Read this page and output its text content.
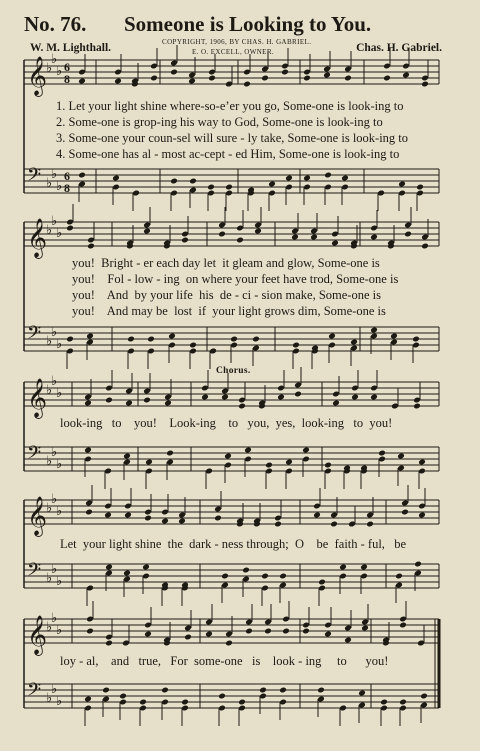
No. 76. Someone is Looking to You.
W. M. Lighthall.	COPYRIGHT, 1906, BY CHAS. H. GABRIEL.
E. O. EXCELL, OWNER.	Chas. H. Gabriel.
𝄞
♭
♭
♭ 6
8
𝄢 ♭
♭
♭
6
8
𝄞
♭
♭
♭
𝄢 ♭
♭
♭
𝄞
♭
♭
♭
𝄢 ♭
♭
♭
𝄞
♭
♭
♭
𝄢 ♭
♭
♭
𝄞
♭
♭
♭
𝄢 ♭
♭
♭
1. Let your light shine where-so-e’er you go, Some-one is look-ing to
2. Some-one is grop-ing his way to God, Some-one is look-ing to
3. Some-one your coun-sel will sure - ly take, Some-one is look-ing to
4. Some-one has al - most ac-cept - ed Him, Some-one is look-ing to
you!  Bright - er each day let  it gleam and glow, Some-one is
you!    Fol - low - ing  on where your feet have trod, Some-one is
you!    And  by your life  his  de - ci - sion make, Some-one is
you!    And may be  lost  if  your light grows dim, Some-one is
Chorus.
look-ing   to    you!    Look-ing    to   you,  yes,  look-ing   to  you!
Let  your light shine  the  dark - ness through;  O    be  faith - ful,   be
loy - al,    and   true,   For  some-one   is    look - ing     to      you!
